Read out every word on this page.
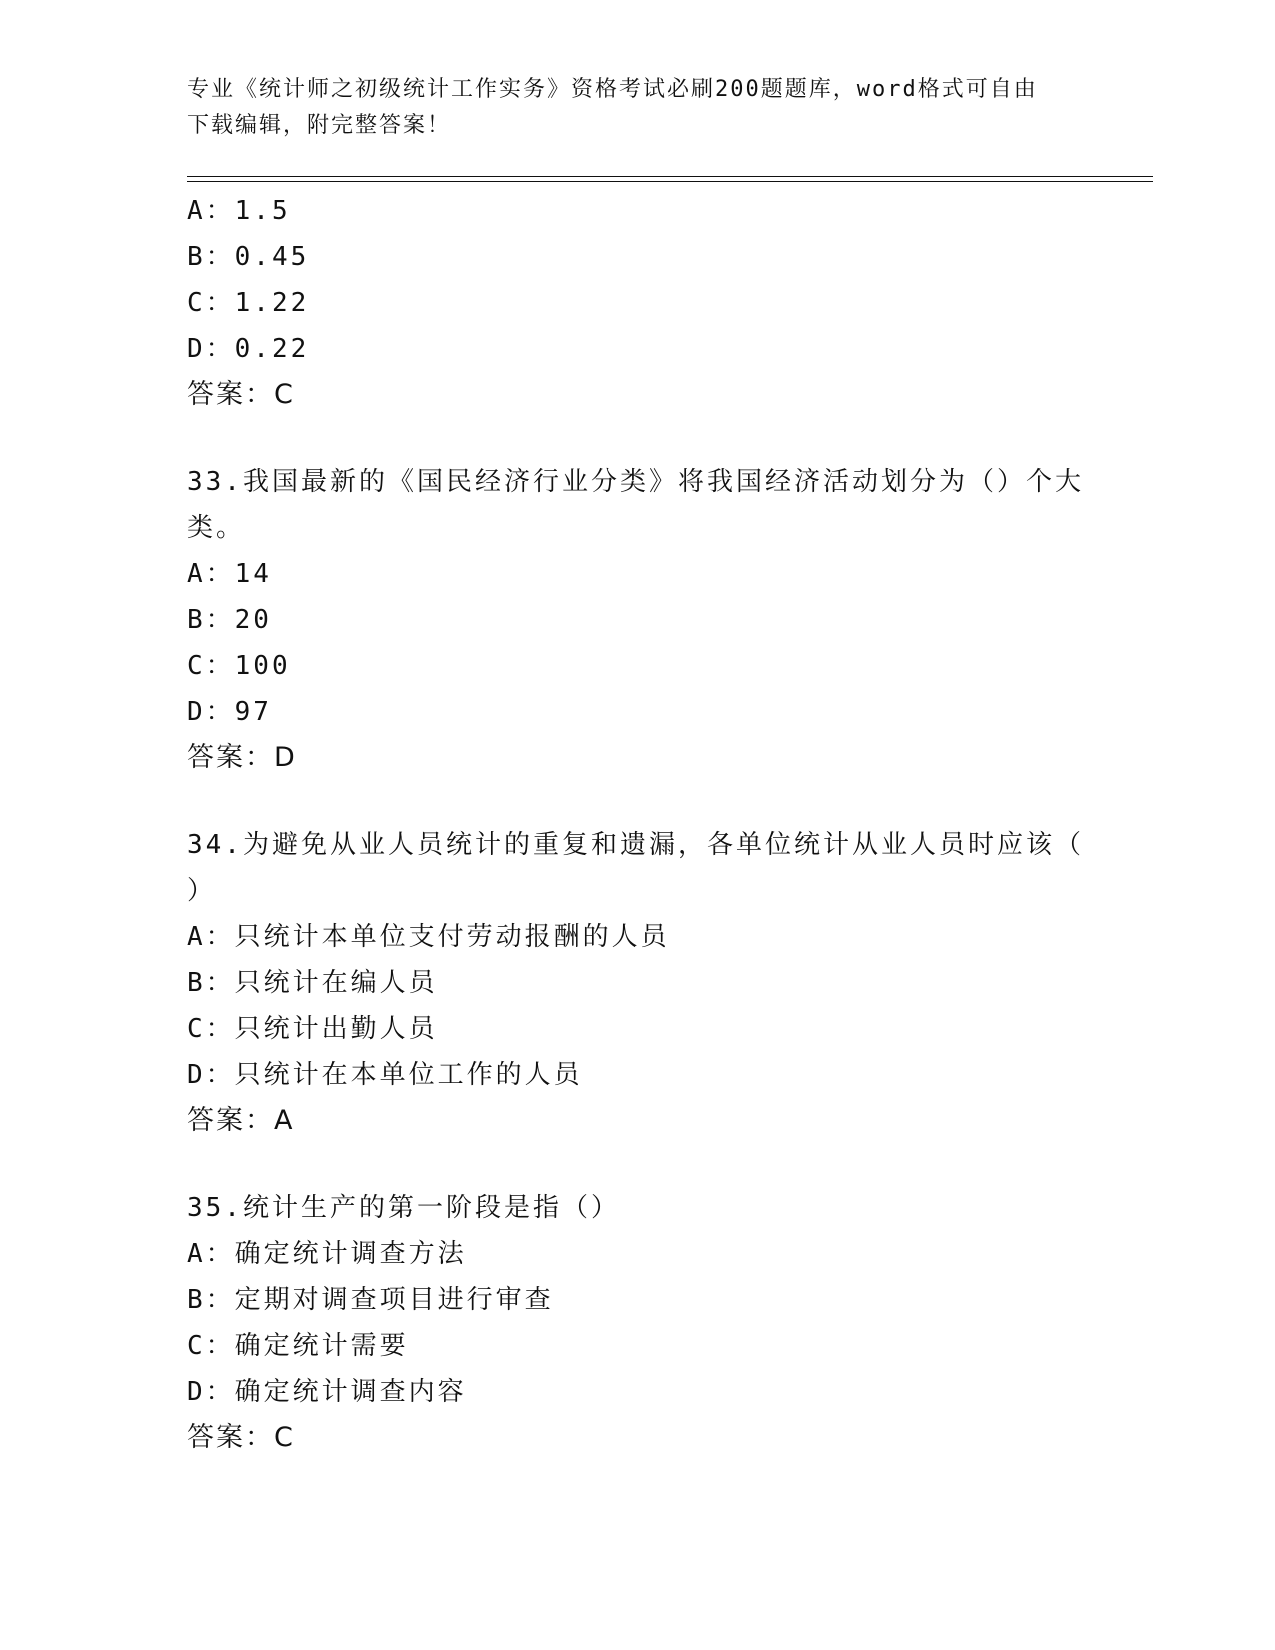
专业《统计师之初级统计工作实务》资格考试必刷200题题库，word格式可自由
下载编辑，附完整答案！
A：1.5
B：0.45
C：1.22
D：0.22
答案：C
33.我国最新的《国民经济行业分类》将我国经济活动划分为（）个大
类。
A：14
B：20
C：100
D：97
答案：D
34.为避免从业人员统计的重复和遗漏，各单位统计从业人员时应该（
）
A：只统计本单位支付劳动报酬的人员
B：只统计在编人员
C：只统计出勤人员
D：只统计在本单位工作的人员
答案：A
35.统计生产的第一阶段是指（）
A：确定统计调查方法
B：定期对调查项目进行审查
C：确定统计需要
D：确定统计调查内容
答案：C
